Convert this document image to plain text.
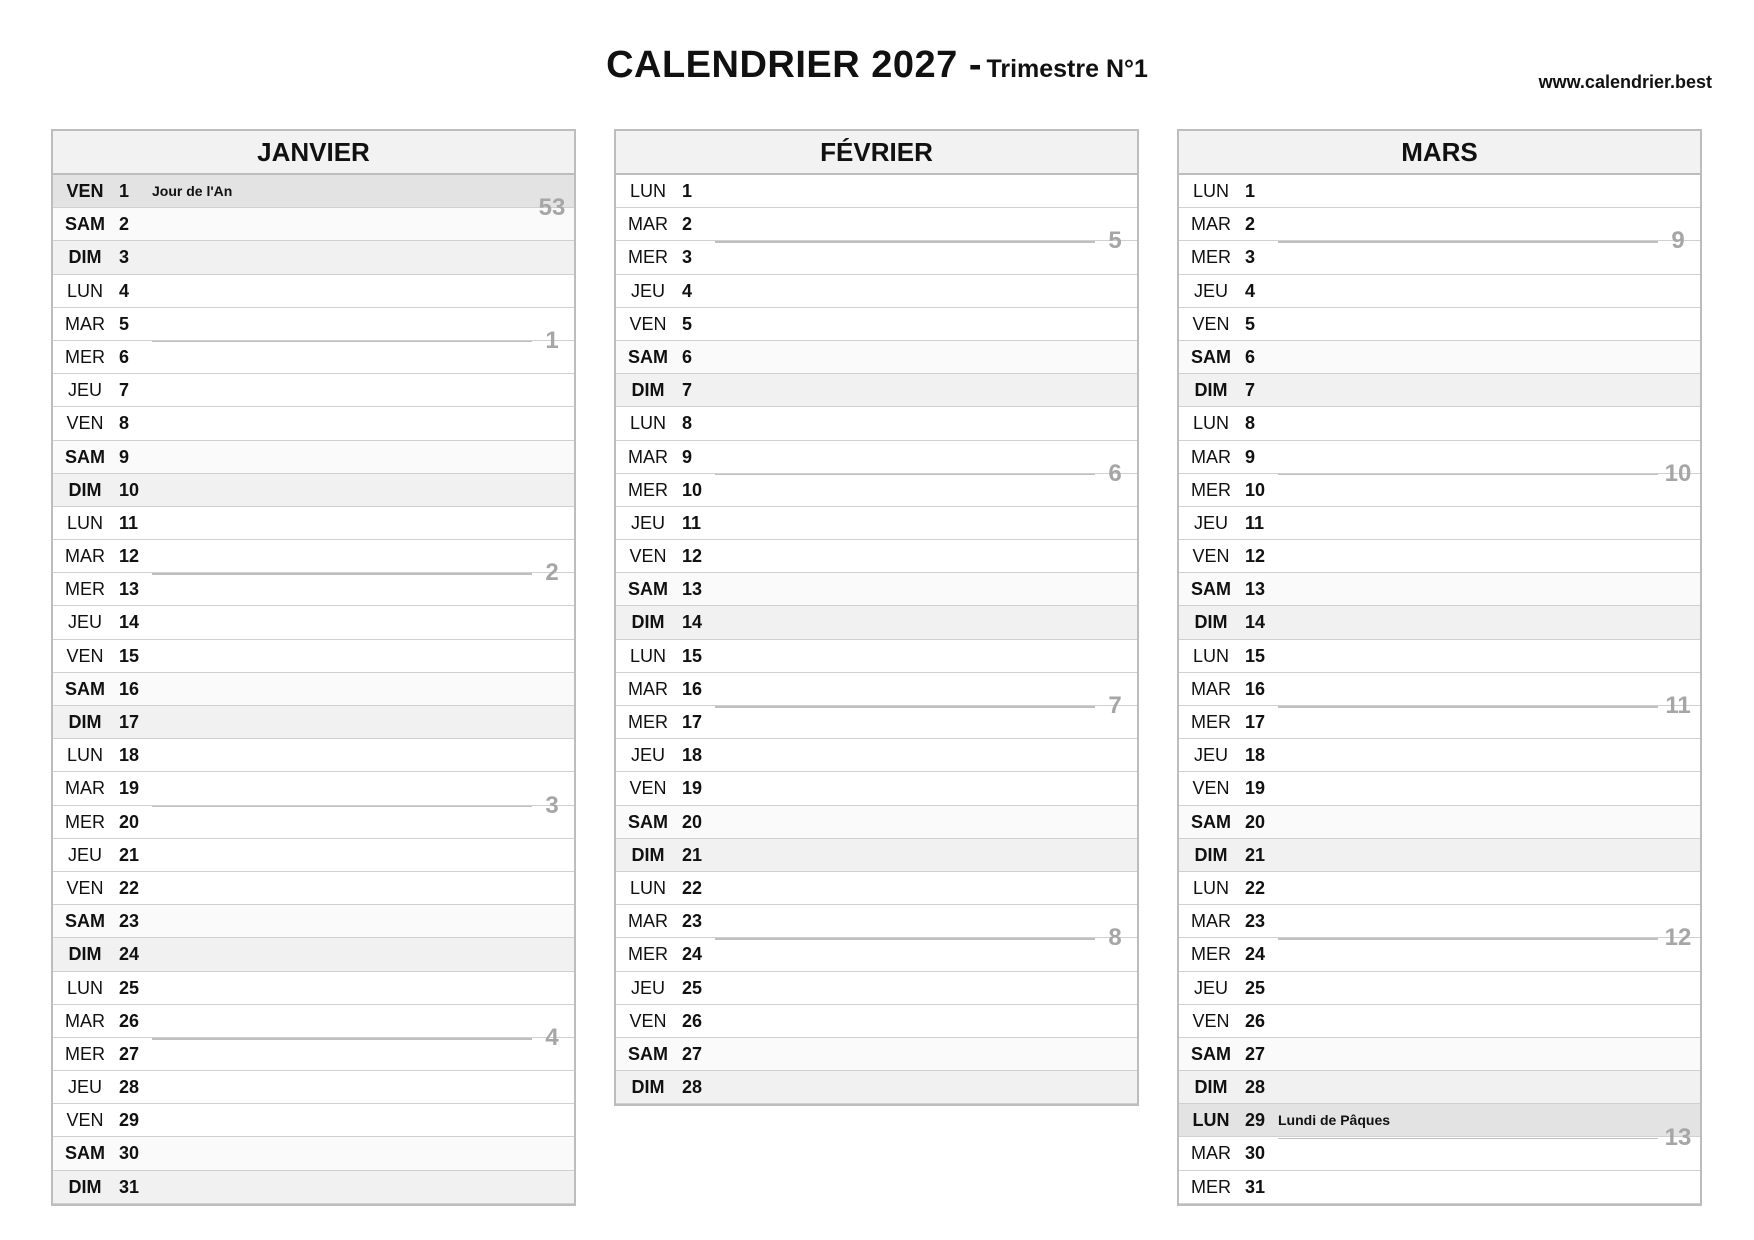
CALENDRIER 2027 - Trimestre N°1	www.calendrier.best
JANVIER
VEN 1 Jour de l'An
SAM 2
DIM 3
LUN 4
MAR 5
MER 6
JEU 7
VEN 8
SAM 9
DIM 10
LUN 11
MAR 12
MER 13
JEU 14
VEN 15
SAM 16
DIM 17
LUN 18
MAR 19
MER 20
JEU 21
VEN 22
SAM 23
DIM 24
LUN 25
MAR 26
MER 27
JEU 28
VEN 29
SAM 30
DIM 31
53
1
2
3
4
FÉVRIER
LUN 1
MAR 2
MER 3
JEU 4
VEN 5
SAM 6
DIM 7
LUN 8
MAR 9
MER 10
JEU 11
VEN 12
SAM 13
DIM 14
LUN 15
MAR 16
MER 17
JEU 18
VEN 19
SAM 20
DIM 21
LUN 22
MAR 23
MER 24
JEU 25
VEN 26
SAM 27
DIM 28
5
6
7
8
MARS
LUN 1
MAR 2
MER 3
JEU 4
VEN 5
SAM 6
DIM 7
LUN 8
MAR 9
MER 10
JEU 11
VEN 12
SAM 13
DIM 14
LUN 15
MAR 16
MER 17
JEU 18
VEN 19
SAM 20
DIM 21
LUN 22
MAR 23
MER 24
JEU 25
VEN 26
SAM 27
DIM 28
LUN 29 Lundi de Pâques
MAR 30
MER 31
9
10
11
12
13
